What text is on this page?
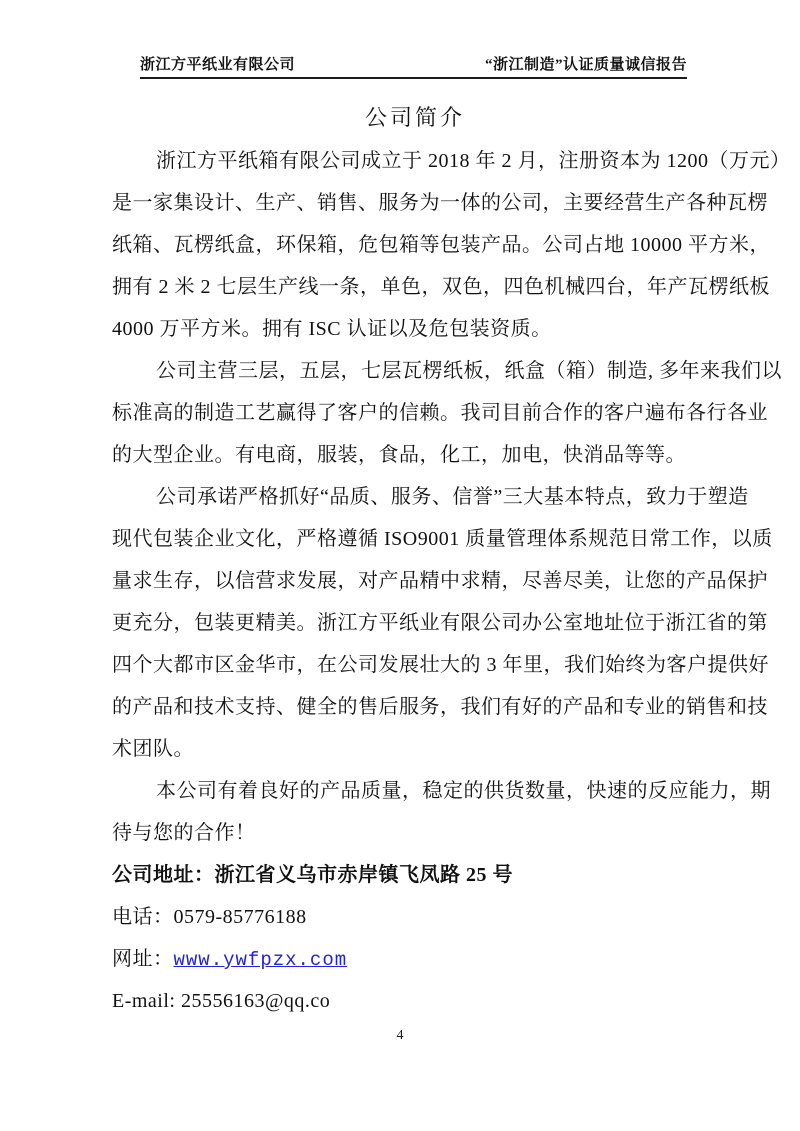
浙江方平纸业有限公司	“浙江制造”认证质量诚信报告
公司简介
浙江方平纸箱有限公司成立于 2018 年 2 月，注册资本为 1200（万元）
是一家集设计、生产、销售、服务为一体的公司，主要经营生产各种瓦楞
纸箱、瓦楞纸盒，环保箱，危包箱等包装产品。公司占地 10000 平方米，
拥有 2 米 2 七层生产线一条，单色，双色，四色机械四台，年产瓦楞纸板
4000 万平方米。拥有 ISC 认证以及危包装资质。
公司主营三层，五层，七层瓦楞纸板，纸盒（箱）制造, 多年来我们以
标准高的制造工艺赢得了客户的信赖。我司目前合作的客户遍布各行各业
的大型企业。有电商，服装，食品，化工，加电，快消品等等。
公司承诺严格抓好“品质、服务、信誉”三大基本特点，致力于塑造
现代包装企业文化，严格遵循 ISO9001 质量管理体系规范日常工作，以质
量求生存，以信营求发展，对产品精中求精，尽善尽美，让您的产品保护
更充分，包装更精美。浙江方平纸业有限公司办公室地址位于浙江省的第
四个大都市区金华市，在公司发展壮大的 3 年里，我们始终为客户提供好
的产品和技术支持、健全的售后服务，我们有好的产品和专业的销售和技
术团队。
本公司有着良好的产品质量，稳定的供货数量，快速的反应能力，期
待与您的合作！
公司地址：浙江省义乌市赤岸镇飞凤路 25 号
电话：0579-85776188
网址：www.ywfpzx.com
E-mail: 25556163@qq.co
4
